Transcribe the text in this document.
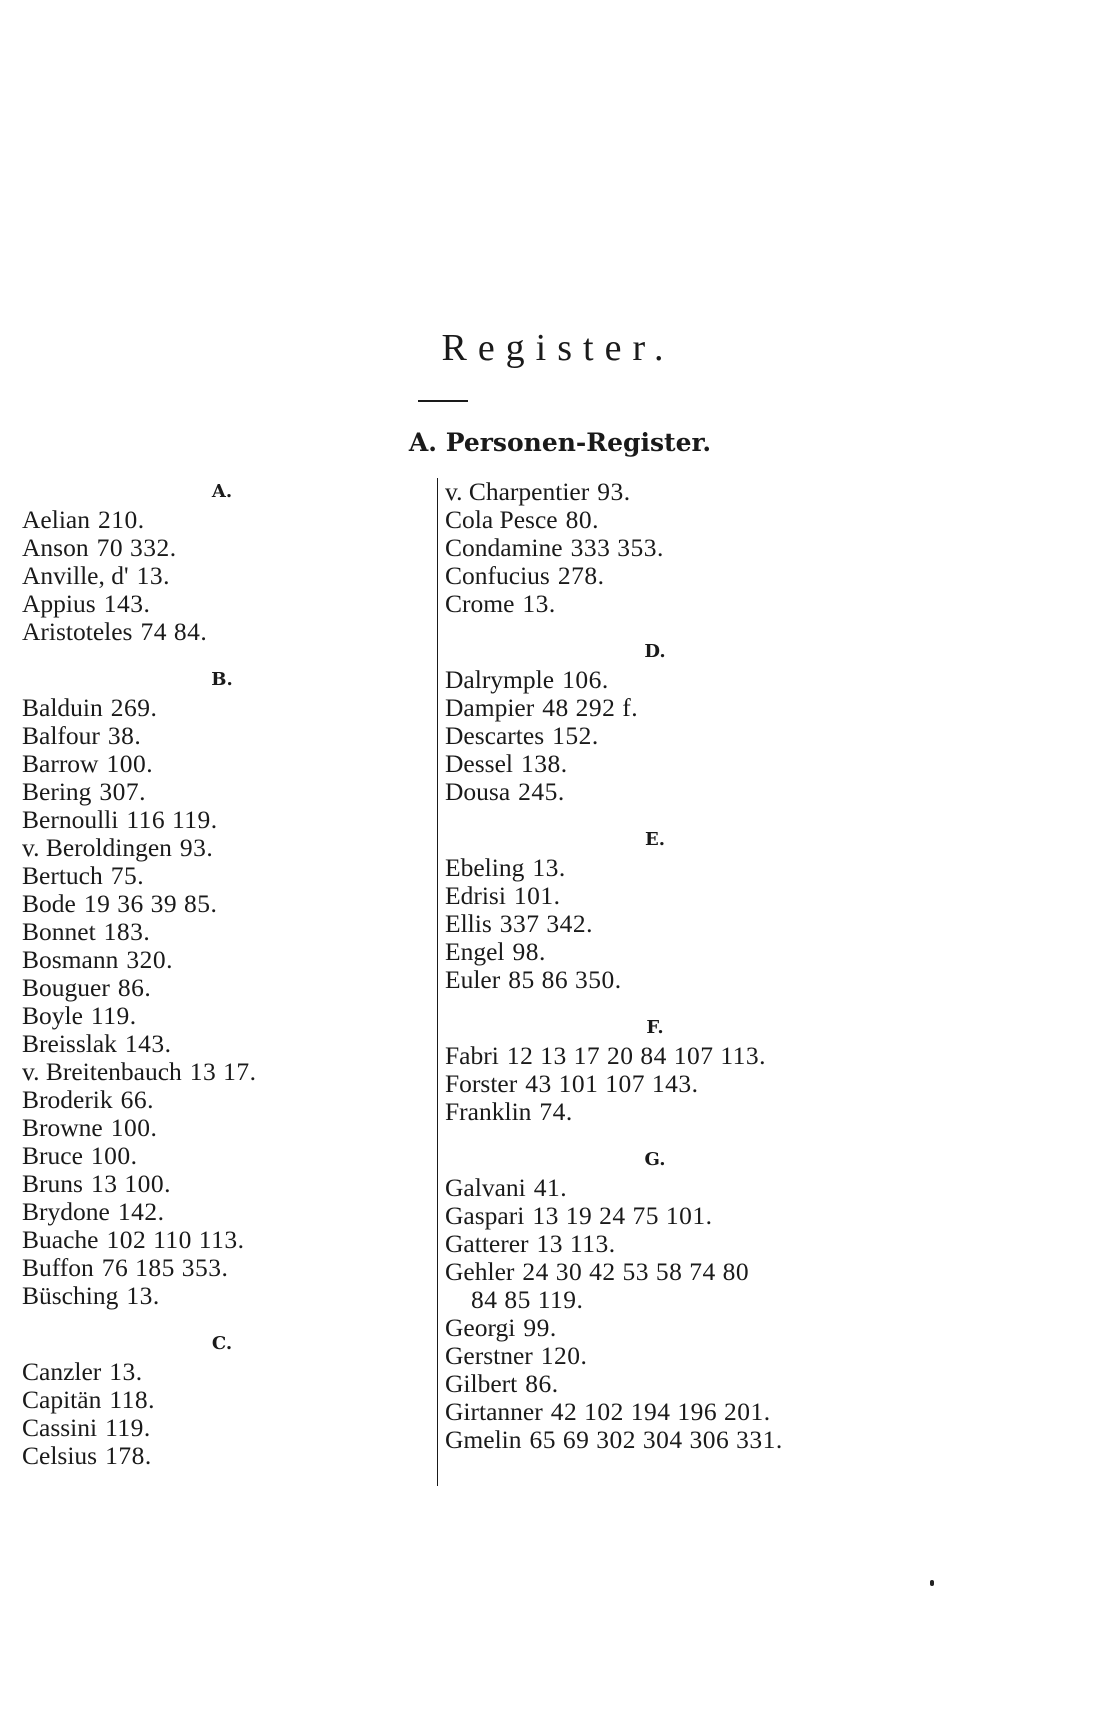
Register.
A. Personen-Register.
A.
Aelian 210.
Anson 70 332.
Anville, d' 13.
Appius 143.
Aristoteles 74 84.
B.
Balduin 269.
Balfour 38.
Barrow 100.
Bering 307.
Bernoulli 116 119.
v. Beroldingen 93.
Bertuch 75.
Bode 19 36 39 85.
Bonnet 183.
Bosmann 320.
Bouguer 86.
Boyle 119.
Breisslak 143.
v. Breitenbauch 13 17.
Broderik 66.
Browne 100.
Bruce 100.
Bruns 13 100.
Brydone 142.
Buache 102 110 113.
Buffon 76 185 353.
Büsching 13.
C.
Canzler 13.
Capitän 118.
Cassini 119.
Celsius 178.
v. Charpentier 93.
Cola Pesce 80.
Condamine 333 353.
Confucius 278.
Crome 13.
D.
Dalrymple 106.
Dampier 48 292 f.
Descartes 152.
Dessel 138.
Dousa 245.
E.
Ebeling 13.
Edrisi 101.
Ellis 337 342.
Engel 98.
Euler 85 86 350.
F.
Fabri 12 13 17 20 84 107 113.
Forster 43 101 107 143.
Franklin 74.
G.
Galvani 41.
Gaspari 13 19 24 75 101.
Gatterer 13 113.
Gehler 24 30 42 53 58 74 80
84 85 119.
Georgi 99.
Gerstner 120.
Gilbert 86.
Girtanner 42 102 194 196 201.
Gmelin 65 69 302 304 306 331.
